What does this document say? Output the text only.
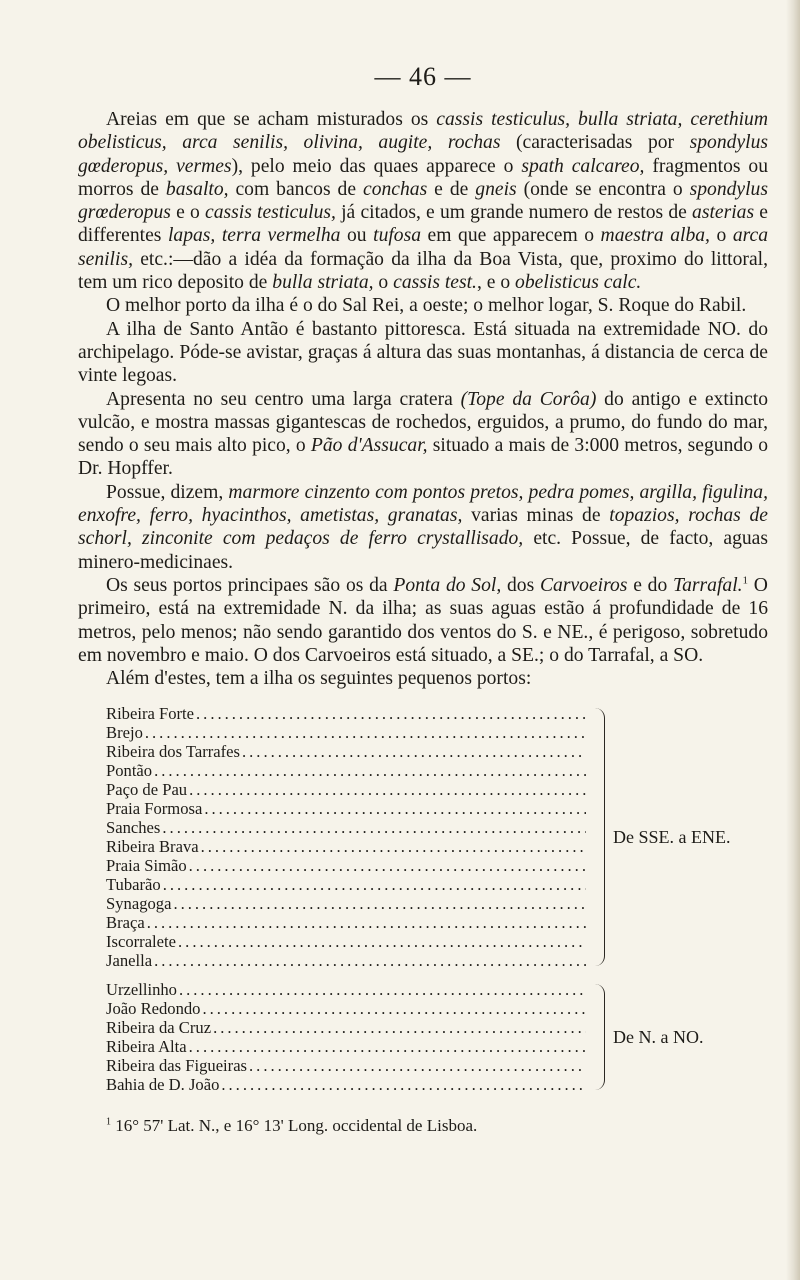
— 46 —

Areias em que se acham misturados os cassis testiculus, bulla striata, cerethium obelisticus, arca senilis, olivina, augite, rochas (caracterisadas por spondylus gœderopus, vermes), pelo meio das quaes apparece o spath calcareo, fragmentos ou morros de basalto, com bancos de conchas e de gneis (onde se encontra o spondylus grœderopus e o cassis testiculus, já citados, e um grande numero de restos de asterias e differentes lapas, terra vermelha ou tufosa em que apparecem o maestra alba, o arca senilis, etc.:—dão a idéa da formação da ilha da Boa Vista, que, proximo do littoral, tem um rico deposito de bulla striata, o cassis test., e o obelisticus calc.

O melhor porto da ilha é o do Sal Rei, a oeste; o melhor logar, S. Roque do Rabil.

A ilha de Santo Antão é bastanto pittoresca. Está situada na extremidade NO. do archipelago. Póde-se avistar, graças á altura das suas montanhas, á distancia de cerca de vinte legoas.

Apresenta no seu centro uma larga cratera (Tope da Corôa) do antigo e extincto vulcão, e mostra massas gigantescas de rochedos, erguidos, a prumo, do fundo do mar, sendo o seu mais alto pico, o Pão d'Assucar, situado a mais de 3:000 metros, segundo o Dr. Hopffer.

Possue, dizem, marmore cinzento com pontos pretos, pedra pomes, argilla, figulina, enxofre, ferro, hyacinthos, ametistas, granatas, varias minas de topazios, rochas de schorl, zinconite com pedaços de ferro crystallisado, etc. Possue, de facto, aguas minero-medicinaes.

Os seus portos principaes são os da Ponta do Sol, dos Carvoeiros e do Tarrafal.$^1$ O primeiro, está na extremidade N. da ilha; as suas aguas estão á profundidade de 16 metros, pelo menos; não sendo garantido dos ventos do S. e NE., é perigoso, sobretudo em novembro e maio. O dos Carvoeiros está situado, a SE.; o do Tarrafal, a SO.

Além d'estes, tem a ilha os seguintes pequenos portos:

Ribeira Forte
.....
Brejo
.....
Ribeira dos Tarrafes
.....
Pontão
.....
Paço de Pau
.....
Praia Formosa
.....
Sanches
.....
Ribeira Brava
.....
Praia Simão
.....
Tubarão
.....
Synagoga
.....
Braça
.....
Iscorralete
.....
Janella
.....
De SSE. a ENE.
Urzellinho
.....
João Redondo
.....
Ribeira da Cruz
.....
Ribeira Alta
.....
Ribeira das Figueiras
.....
Bahia de D. João
.....
De N. a NO.
$^1$ 16° 57' Lat. N., e 16° 13' Long. occidental de Lisboa.
